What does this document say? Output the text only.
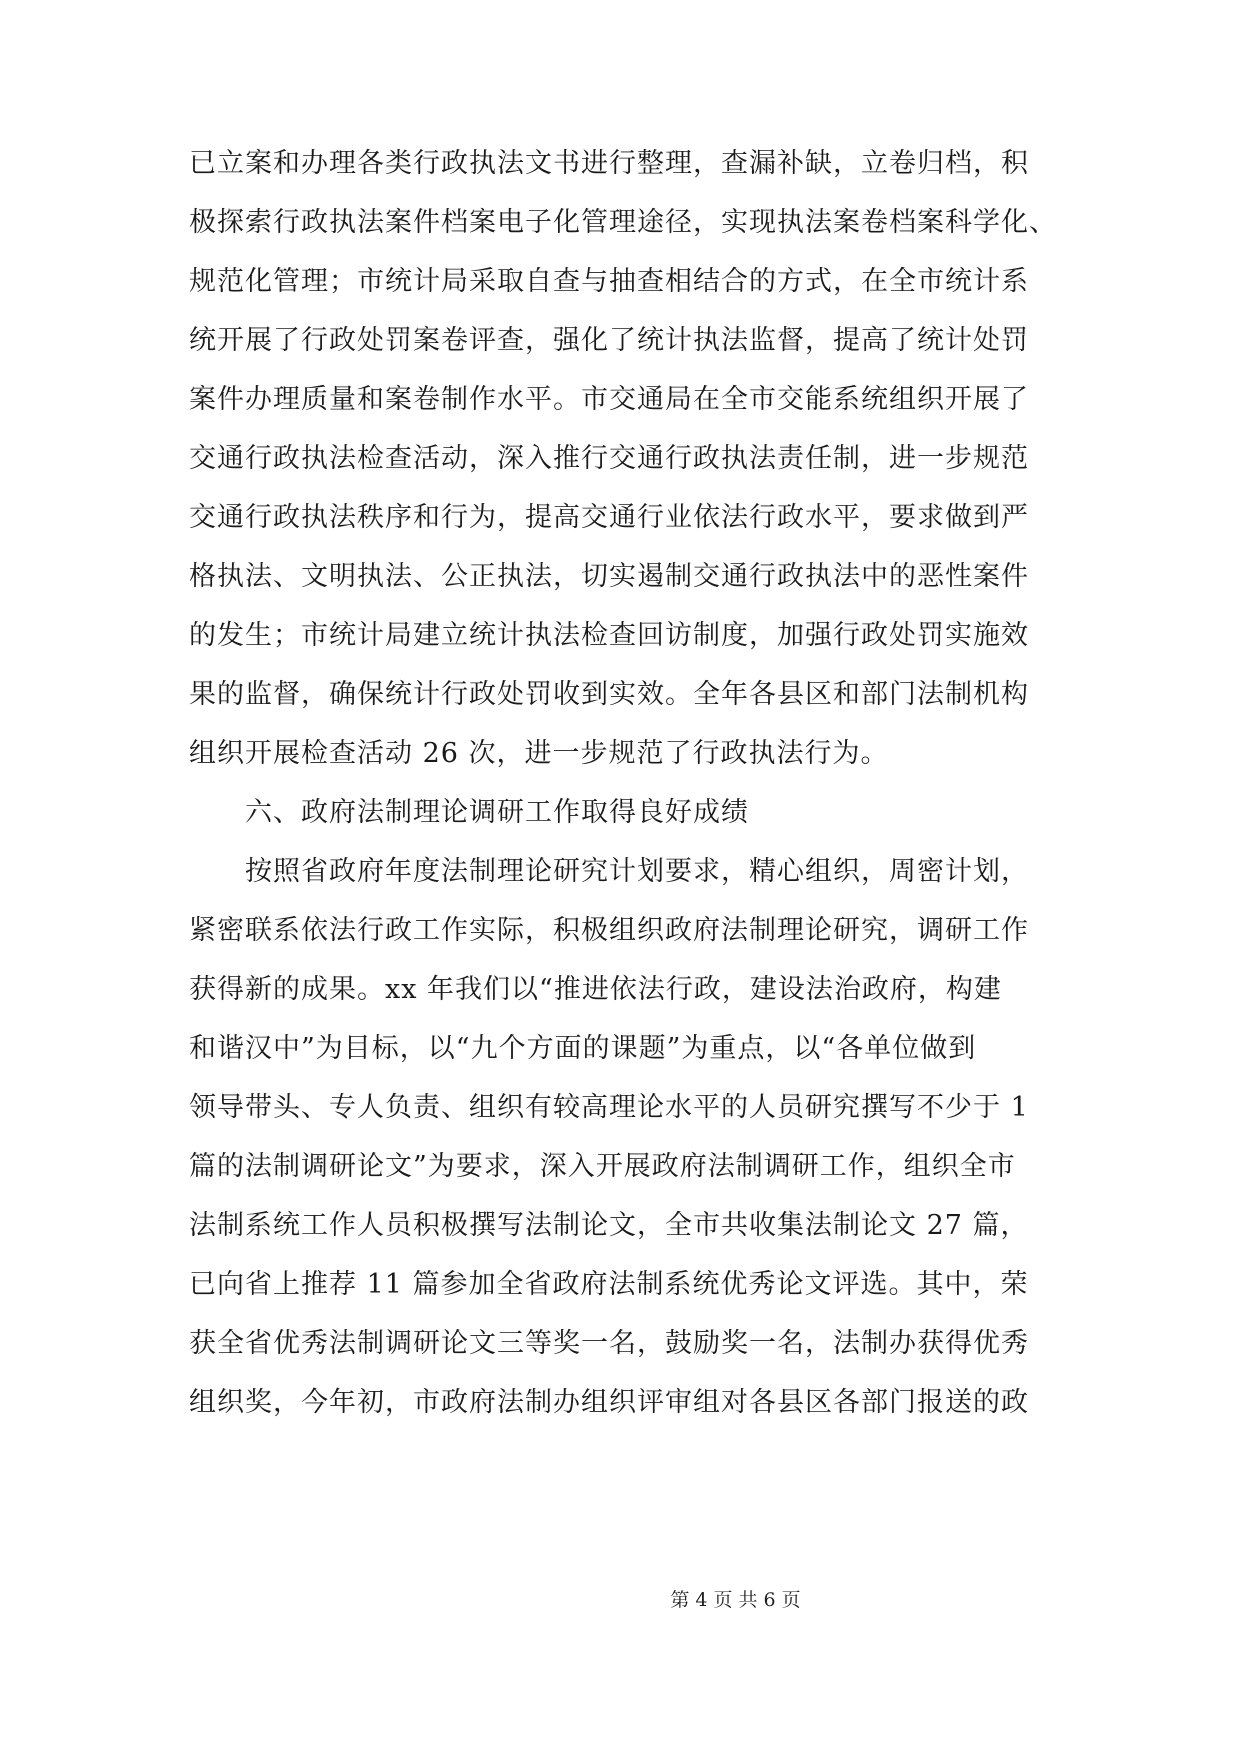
已立案和办理各类行政执法文书进行整理，查漏补缺，立卷归档，积
极探索行政执法案件档案电子化管理途径，实现执法案卷档案科学化、
规范化管理；市统计局采取自查与抽查相结合的方式，在全市统计系
统开展了行政处罚案卷评查，强化了统计执法监督，提高了统计处罚
案件办理质量和案卷制作水平。市交通局在全市交能系统组织开展了
交通行政执法检查活动，深入推行交通行政执法责任制，进一步规范
交通行政执法秩序和行为，提高交通行业依法行政水平，要求做到严
格执法、文明执法、公正执法，切实遏制交通行政执法中的恶性案件
的发生；市统计局建立统计执法检查回访制度，加强行政处罚实施效
果的监督，确保统计行政处罚收到实效。全年各县区和部门法制机构
组织开展检查活动 26 次，进一步规范了行政执法行为。
六、政府法制理论调研工作取得良好成绩
按照省政府年度法制理论研究计划要求，精心组织，周密计划，
紧密联系依法行政工作实际，积极组织政府法制理论研究，调研工作
获得新的成果。xx 年我们以“推进依法行政，建设法治政府，构建
和谐汉中”为目标，以“九个方面的课题”为重点，以“各单位做到
领导带头、专人负责、组织有较高理论水平的人员研究撰写不少于 1
篇的法制调研论文”为要求，深入开展政府法制调研工作，组织全市
法制系统工作人员积极撰写法制论文，全市共收集法制论文 27 篇，
已向省上推荐 11 篇参加全省政府法制系统优秀论文评选。其中，荣
获全省优秀法制调研论文三等奖一名，鼓励奖一名，法制办获得优秀
组织奖，今年初，市政府法制办组织评审组对各县区各部门报送的政
第 4 页 共 6 页
